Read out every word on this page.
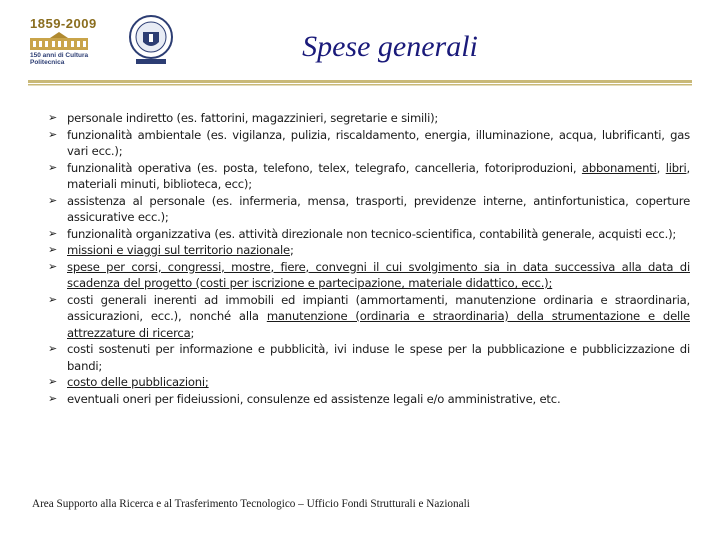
1859-2009
150 anni di Cultura
Politecnica	Spese generali
➢ personale indiretto (es. fattorini, magazzinieri, segretarie e simili);
➢ funzionalità ambientale (es. vigilanza, pulizia, riscaldamento, energia, illuminazione, acqua, lubrificanti, gas vari ecc.);
➢ funzionalità operativa (es. posta, telefono, telex, telegrafo, cancelleria, fotoriproduzioni, abbonamenti, libri, materiali minuti, biblioteca, ecc);
➢ assistenza al personale (es. infermeria, mensa, trasporti, previdenze interne, antinfortunistica, coperture assicurative ecc.);
➢ funzionalità organizzativa (es. attività direzionale non tecnico-scientifica, contabilità generale, acquisti ecc.);
➢ missioni e viaggi sul territorio nazionale;
➢ spese per corsi, congressi, mostre, fiere, convegni il cui svolgimento sia in data successiva alla data di scadenza del progetto (costi per iscrizione e partecipazione, materiale didattico, ecc.);
➢ costi generali inerenti ad immobili ed impianti (ammortamenti, manutenzione ordinaria e straordinaria, assicurazioni, ecc.), nonché alla manutenzione (ordinaria e straordinaria) della strumentazione e delle attrezzature di ricerca;
➢ costi sostenuti per informazione e pubblicità, ivi induse le spese per la pubblicazione e pubblicizzazione di bandi;
➢ costo delle pubblicazioni;
➢ eventuali oneri per fideiussioni, consulenze ed assistenze legali e/o amministrative, etc.
Area Supporto alla Ricerca e al Trasferimento Tecnologico – Ufficio Fondi Strutturali e Nazionali
